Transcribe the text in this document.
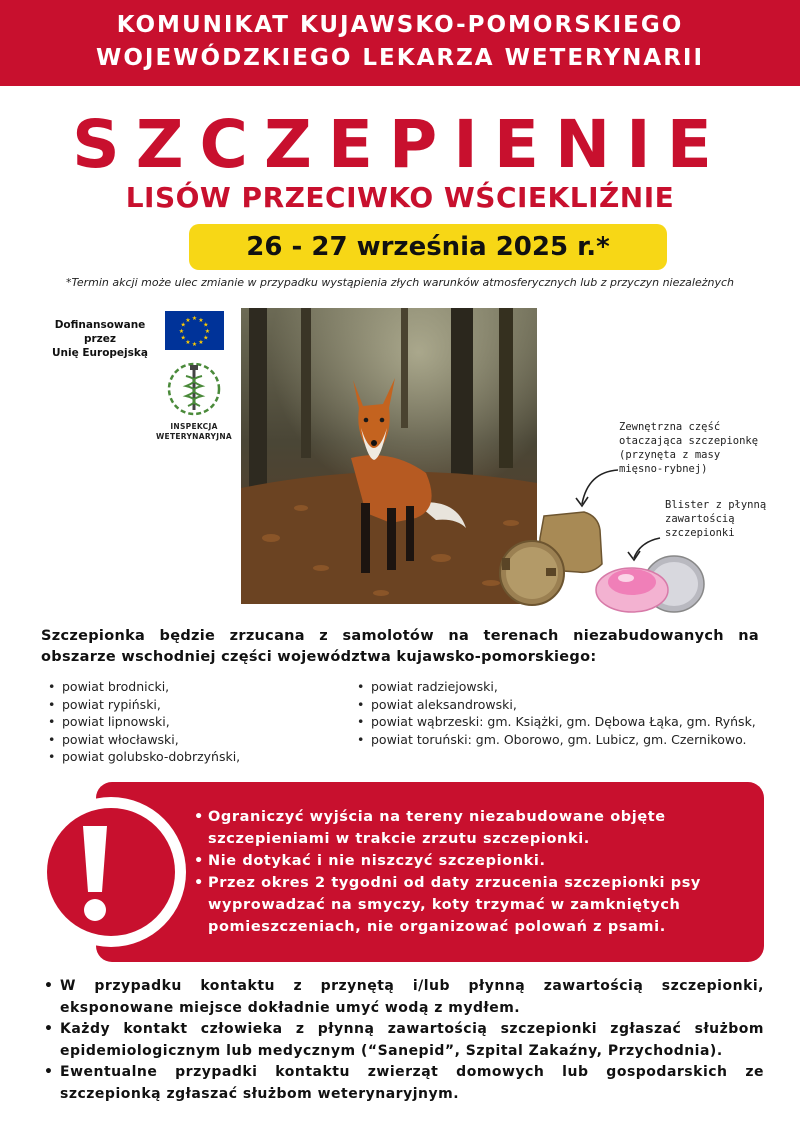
KOMUNIKAT KUJAWSKO-POMORSKIEGO
WOJEWÓDZKIEGO LEKARZA WETERYNARII
SZCZEPIENIE
LISÓW PRZECIWKO WŚCIEKLIŹNIE
26 - 27 września 2025 r.*
*Termin akcji może ulec zmianie w przypadku wystąpienia złych warunków atmosferycznych lub z przyczyn niezależnych
Dofinansowane przez
Unię Europejską
★ ★
★
★
★
★
★
★
★
★
★
★
INSPEKCJA
WETERYNARYJNA
Zewnętrzna część
otaczająca szczepionkę
(przynęta z masy
mięsno-rybnej)
Blister z płynną
zawartością
szczepionki
Szczepionka będzie zrzucana z samolotów na terenach niezabudowanych na obszarze wschodniej części województwa kujawsko-pomorskiego:
• powiat brodnicki,
• powiat rypiński,
• powiat lipnowski,
• powiat włocławski,
• powiat golubsko-dobrzyński,
• powiat radziejowski,
• powiat aleksandrowski,
• powiat wąbrzeski: gm. Książki, gm. Dębowa Łąka, gm. Ryńsk,
• powiat toruński: gm. Oborowo, gm. Lubicz, gm. Czernikowo.
• Ograniczyć wyjścia na tereny niezabudowane objęte szczepieniami w trakcie zrzutu szczepionki.
• Nie dotykać i nie niszczyć szczepionki.
• Przez okres 2 tygodni od daty zrzucenia szczepionki psy wyprowadzać na smyczy, koty trzymać w zamkniętych pomieszczeniach, nie organizować polowań z psami.
• W przypadku kontaktu z przynętą i/lub płynną zawartością szczepionki, eksponowane miejsce dokładnie umyć wodą z mydłem.
• Każdy kontakt człowieka z płynną zawartością szczepionki zgłaszać służbom epidemiologicznym lub medycznym (“Sanepid”, Szpital Zakaźny, Przychodnia).
• Ewentualne przypadki kontaktu zwierząt domowych lub gospodarskich ze szczepionką zgłaszać służbom weterynaryjnym.
